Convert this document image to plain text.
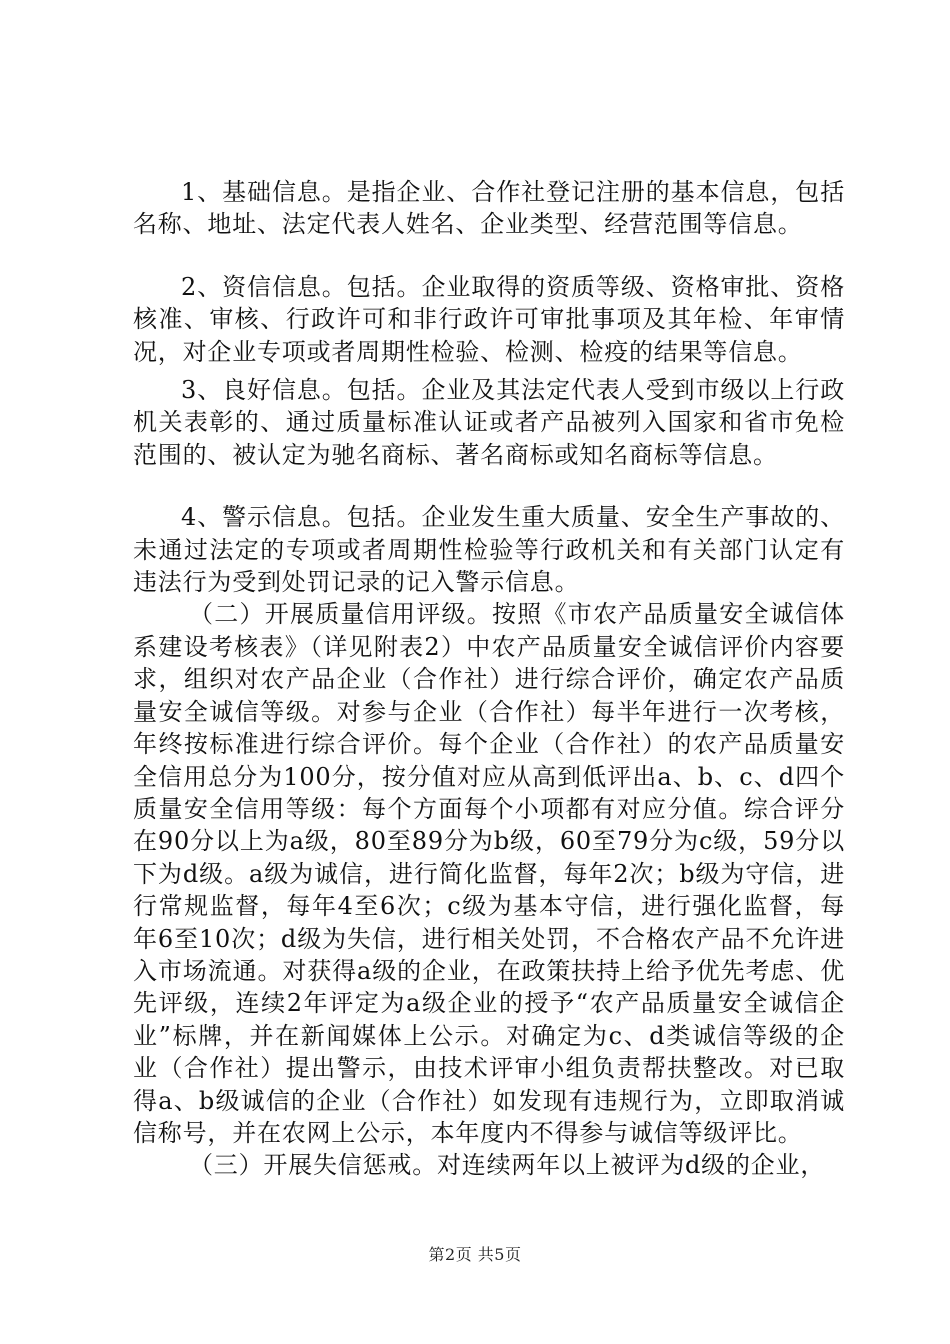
1、基础信息。是指企业、合作社登记注册的基本信息，包括名称、地址、法定代表人姓名、企业类型、经营范围等信息。

2、资信信息。包括。企业取得的资质等级、资格审批、资格核准、审核、行政许可和非行政许可审批事项及其年检、年审情况，对企业专项或者周期性检验、检测、检疫的结果等信息。

3、良好信息。包括。企业及其法定代表人受到市级以上行政机关表彰的、通过质量标准认证或者产品被列入国家和省市免检范围的、被认定为驰名商标、著名商标或知名商标等信息。

4、警示信息。包括。企业发生重大质量、安全生产事故的、未通过法定的专项或者周期性检验等行政机关和有关部门认定有违法行为受到处罚记录的记入警示信息。

（二）开展质量信用评级。按照《市农产品质量安全诚信体系建设考核表》（详见附表2）中农产品质量安全诚信评价内容要求，组织对农产品企业（合作社）进行综合评价，确定农产品质量安全诚信等级。对参与企业（合作社）每半年进行一次考核，年终按标准进行综合评价。每个企业（合作社）的农产品质量安全信用总分为100分，按分值对应从高到低评出a、b、c、d四个质量安全信用等级：每个方面每个小项都有对应分值。综合评分在90分以上为a级，80至89分为b级，60至79分为c级，59分以下为d级。a级为诚信，进行简化监督，每年2次；b级为守信，进行常规监督，每年4至6次；c级为基本守信，进行强化监督，每年6至10次；d级为失信，进行相关处罚，不合格农产品不允许进入市场流通。对获得a级的企业，在政策扶持上给予优先考虑、优先评级，连续2年评定为a级企业的授予“农产品质量安全诚信企业”标牌，并在新闻媒体上公示。对确定为c、d类诚信等级的企业（合作社）提出警示，由技术评审小组负责帮扶整改。对已取得a、b级诚信的企业（合作社）如发现有违规行为，立即取消诚信称号，并在农网上公示，本年度内不得参与诚信等级评比。

（三）开展失信惩戒。对连续两年以上被评为d级的企业，

第2页 共5页
